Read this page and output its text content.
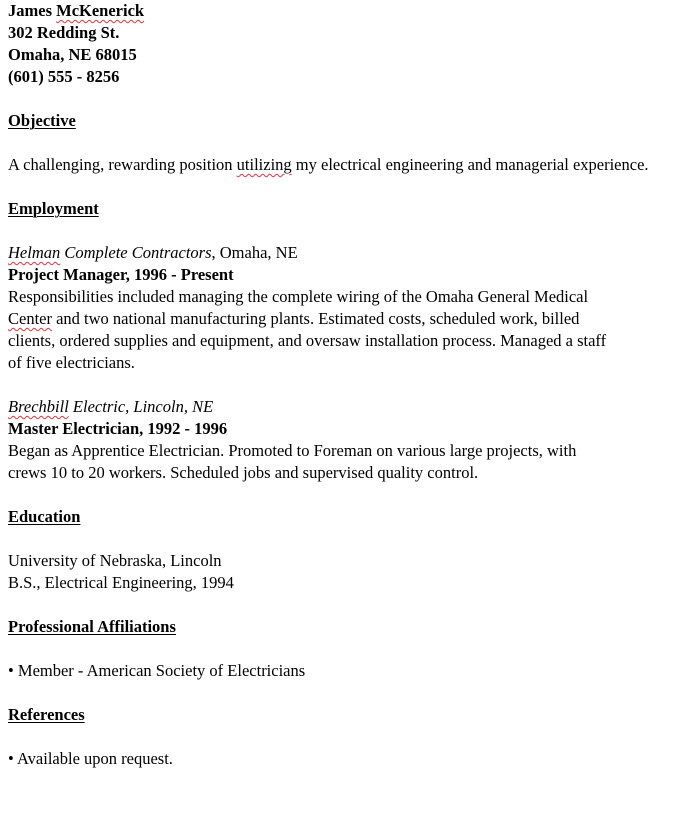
James McKenerick
302 Redding St.
Omaha, NE 68015
(601) 555 - 8256
Objective
A challenging, rewarding position utilizing my electrical engineering and managerial experience.
Employment
Helman Complete Contractors, Omaha, NE
Project Manager, 1996 - Present
Responsibilities included managing the complete wiring of the Omaha General Medical
Center and two national manufacturing plants. Estimated costs, scheduled work, billed
clients, ordered supplies and equipment, and oversaw installation process. Managed a staff
of five electricians.
Brechbill Electric, Lincoln, NE
Master Electrician, 1992 - 1996
Began as Apprentice Electrician. Promoted to Foreman on various large projects, with
crews 10 to 20 workers. Scheduled jobs and supervised quality control.
Education
University of Nebraska, Lincoln
B.S., Electrical Engineering, 1994
Professional Affiliations
• Member - American Society of Electricians
References
• Available upon request.
